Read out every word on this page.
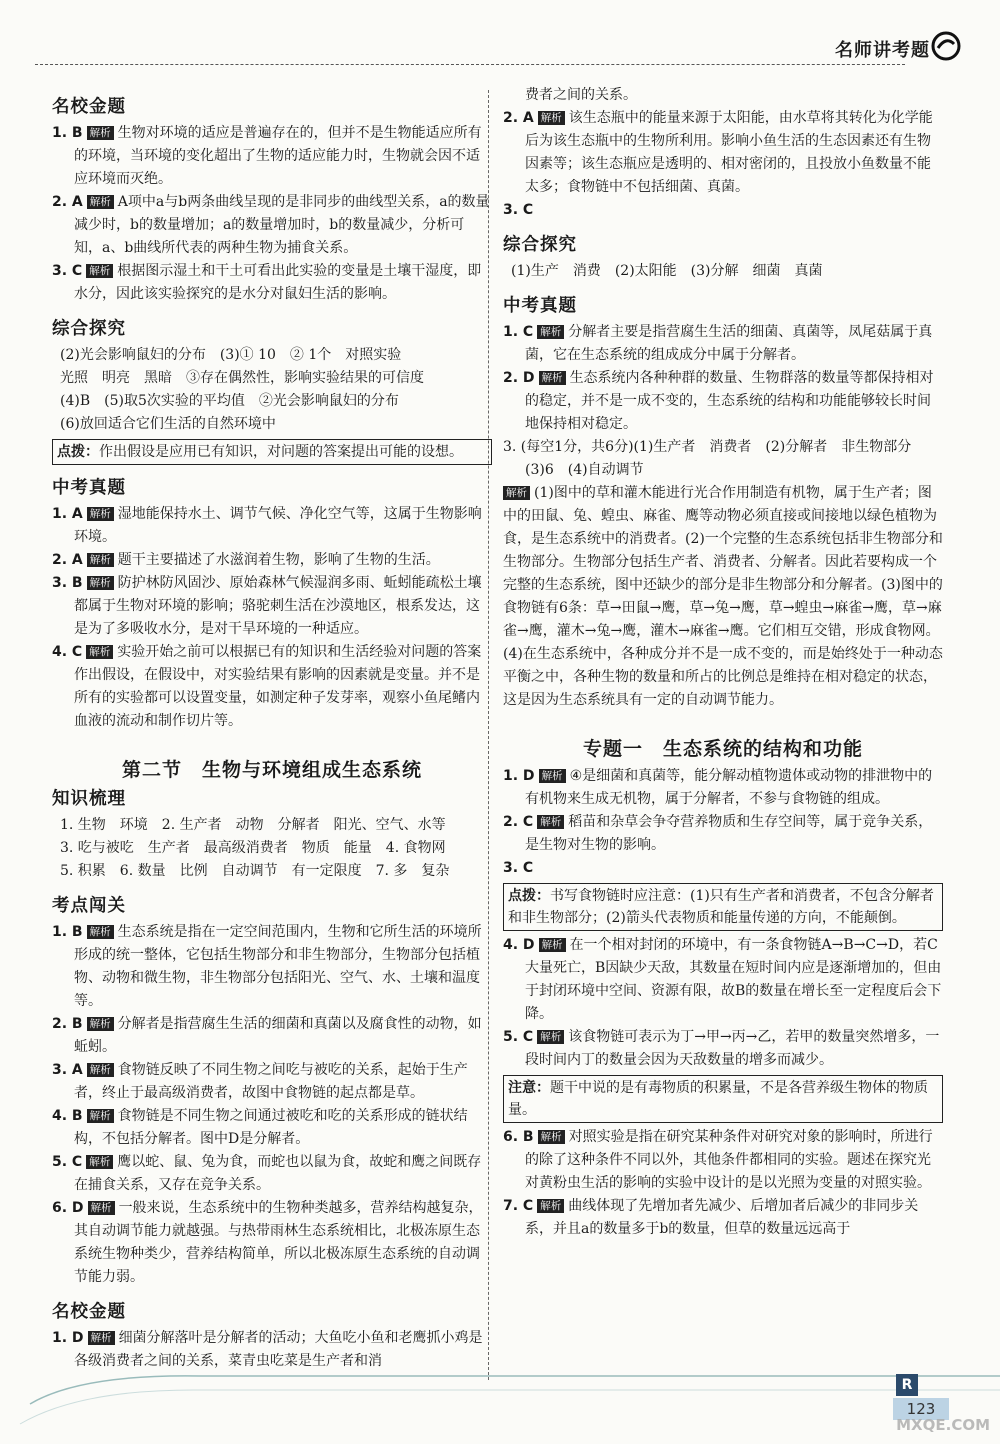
名师讲考题
名校金题
1. B 解析 生物对环境的适应是普遍存在的，但并不是生物能适应所有的环境，当环境的变化超出了生物的适应能力时，生物就会因不适应环境而灭绝。
2. A 解析 A项中a与b两条曲线呈现的是非同步的曲线型关系，a的数量减少时，b的数量增加；a的数量增加时，b的数量减少，分析可知，a、b曲线所代表的两种生物为捕食关系。
3. C 解析 根据图示湿土和干土可看出此实验的变量是土壤干湿度，即水分，因此该实验探究的是水分对鼠妇生活的影响。
综合探究
(2)光会影响鼠妇的分布　(3)① 10　② 1个　对照实验
光照　明亮　黑暗　③存在偶然性，影响实验结果的可信度
(4)B　(5)取5次实验的平均值　②光会影响鼠妇的分布
(6)放回适合它们生活的自然环境中
点拨：作出假设是应用已有知识，对问题的答案提出可能的设想。
中考真题
1. A 解析 湿地能保持水土、调节气候、净化空气等，这属于生物影响环境。
2. A 解析 题干主要描述了水滋润着生物，影响了生物的生活。
3. B 解析 防护林防风固沙、原始森林气候湿润多雨、蚯蚓能疏松土壤都属于生物对环境的影响；骆驼刺生活在沙漠地区，根系发达，这是为了多吸收水分，是对干旱环境的一种适应。
4. C 解析 实验开始之前可以根据已有的知识和生活经验对问题的答案作出假设，在假设中，对实验结果有影响的因素就是变量。并不是所有的实验都可以设置变量，如测定种子发芽率，观察小鱼尾鳍内血液的流动和制作切片等。
第二节　生物与环境组成生态系统
知识梳理
1. 生物　环境　2. 生产者　动物　分解者　阳光、空气、水等
3. 吃与被吃　生产者　最高级消费者　物质　能量　4. 食物网
5. 积累　6. 数量　比例　自动调节　有一定限度　7. 多　复杂
考点闯关
1. B 解析 生态系统是指在一定空间范围内，生物和它所生活的环境所形成的统一整体，它包括生物部分和非生物部分，生物部分包括植物、动物和微生物，非生物部分包括阳光、空气、水、土壤和温度等。
2. B 解析 分解者是指营腐生生活的细菌和真菌以及腐食性的动物，如蚯蚓。
3. A 解析 食物链反映了不同生物之间吃与被吃的关系，起始于生产者，终止于最高级消费者，故图中食物链的起点都是草。
4. B 解析 食物链是不同生物之间通过被吃和吃的关系形成的链状结构，不包括分解者。图中D是分解者。
5. C 解析 鹰以蛇、鼠、兔为食，而蛇也以鼠为食，故蛇和鹰之间既存在捕食关系，又存在竞争关系。
6. D 解析 一般来说，生态系统中的生物种类越多，营养结构越复杂，其自动调节能力就越强。与热带雨林生态系统相比，北极冻原生态系统生物种类少，营养结构简单，所以北极冻原生态系统的自动调节能力弱。
名校金题
1. D 解析 细菌分解落叶是分解者的活动；大鱼吃小鱼和老鹰抓小鸡是各级消费者之间的关系，菜青虫吃菜是生产者和消
费者之间的关系。
2. A 解析 该生态瓶中的能量来源于太阳能，由水草将其转化为化学能后为该生态瓶中的生物所利用。影响小鱼生活的生态因素还有生物因素等；该生态瓶应是透明的、相对密闭的，且投放小鱼数量不能太多；食物链中不包括细菌、真菌。
3. C
综合探究
(1)生产　消费　(2)太阳能　(3)分解　细菌　真菌
中考真题
1. C 解析 分解者主要是指营腐生生活的细菌、真菌等，凤尾菇属于真菌，它在生态系统的组成成分中属于分解者。
2. D 解析 生态系统内各种种群的数量、生物群落的数量等都保持相对的稳定，并不是一成不变的，生态系统的结构和功能能够较长时间地保持相对稳定。
3. (每空1分，共6分)(1)生产者　消费者　(2)分解者　非生物部分　(3)6　(4)自动调节
解析 (1)图中的草和灌木能进行光合作用制造有机物，属于生产者；图中的田鼠、兔、蝗虫、麻雀、鹰等动物必须直接或间接地以绿色植物为食，是生态系统中的消费者。(2)一个完整的生态系统包括非生物部分和生物部分。生物部分包括生产者、消费者、分解者。因此若要构成一个完整的生态系统，图中还缺少的部分是非生物部分和分解者。(3)图中的食物链有6条：草→田鼠→鹰，草→兔→鹰，草→蝗虫→麻雀→鹰，草→麻雀→鹰，灌木→兔→鹰，灌木→麻雀→鹰。它们相互交错，形成食物网。(4)在生态系统中，各种成分并不是一成不变的，而是始终处于一种动态平衡之中，各种生物的数量和所占的比例总是维持在相对稳定的状态，这是因为生态系统具有一定的自动调节能力。
专题一　生态系统的结构和功能
1. D 解析 ④是细菌和真菌等，能分解动植物遗体或动物的排泄物中的有机物来生成无机物，属于分解者，不参与食物链的组成。
2. C 解析 稻苗和杂草会争夺营养物质和生存空间等，属于竞争关系，是生物对生物的影响。
3. C
点拨：书写食物链时应注意：(1)只有生产者和消费者，不包含分解者和非生物部分；(2)箭头代表物质和能量传递的方向，不能颠倒。
4. D 解析 在一个相对封闭的环境中，有一条食物链A→B→C→D，若C大量死亡，B因缺少天敌，其数量在短时间内应是逐渐增加的，但由于封闭环境中空间、资源有限，故B的数量在增长至一定程度后会下降。
5. C 解析 该食物链可表示为丁→甲→丙→乙，若甲的数量突然增多，一段时间内丁的数量会因为天敌数量的增多而减少。
注意：题干中说的是有毒物质的积累量，不是各营养级生物体的物质量。
6. B 解析 对照实验是指在研究某种条件对研究对象的影响时，所进行的除了这种条件不同以外，其他条件都相同的实验。题述在探究光对黄粉虫生活的影响的实验中设计的是以光照为变量的对照实验。
7. C 解析 曲线体现了先增加者先减少、后增加者后减少的非同步关系，并且a的数量多于b的数量，但草的数量远远高于
R
123
MXQE.COM
